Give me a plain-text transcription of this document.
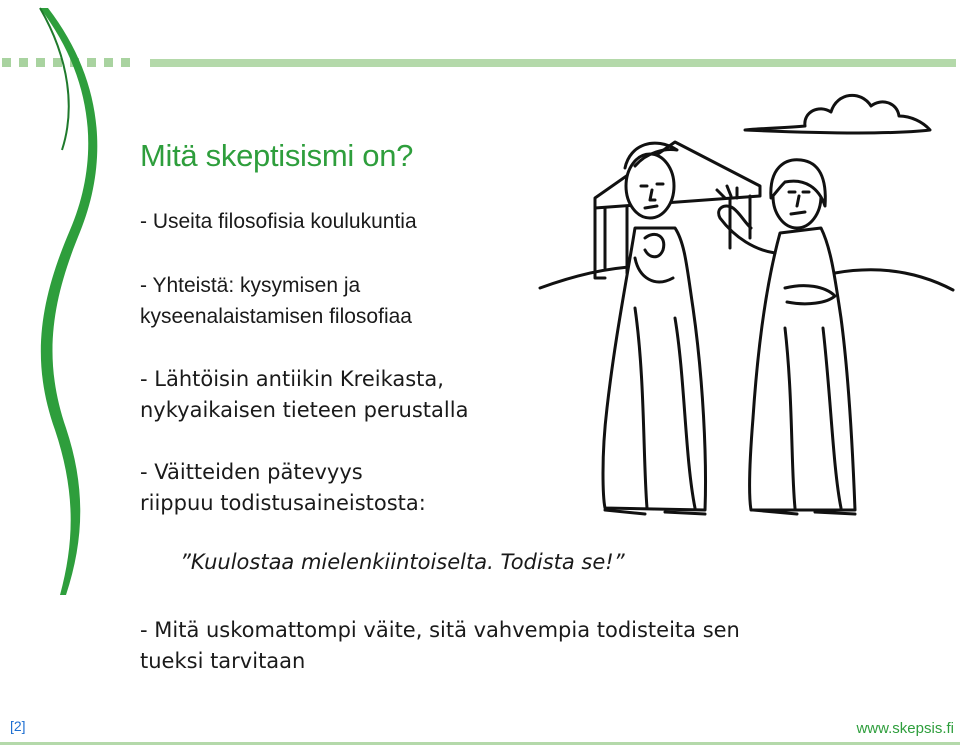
Mitä skeptisismi on?
- Useita filosofisia koulukuntia
- Yhteistä: kysymisen ja
kyseenalaistamisen filosofiaa
- Lähtöisin antiikin Kreikasta,
nykyaikaisen tieteen perustalla
- Väitteiden pätevyys
riippuu todistusaineistosta:
”Kuulostaa mielenkiintoiselta. Todista se!”
- Mitä uskomattompi väite, sitä vahvempia todisteita sen
tueksi tarvitaan
[2]	www.skepsis.fi
